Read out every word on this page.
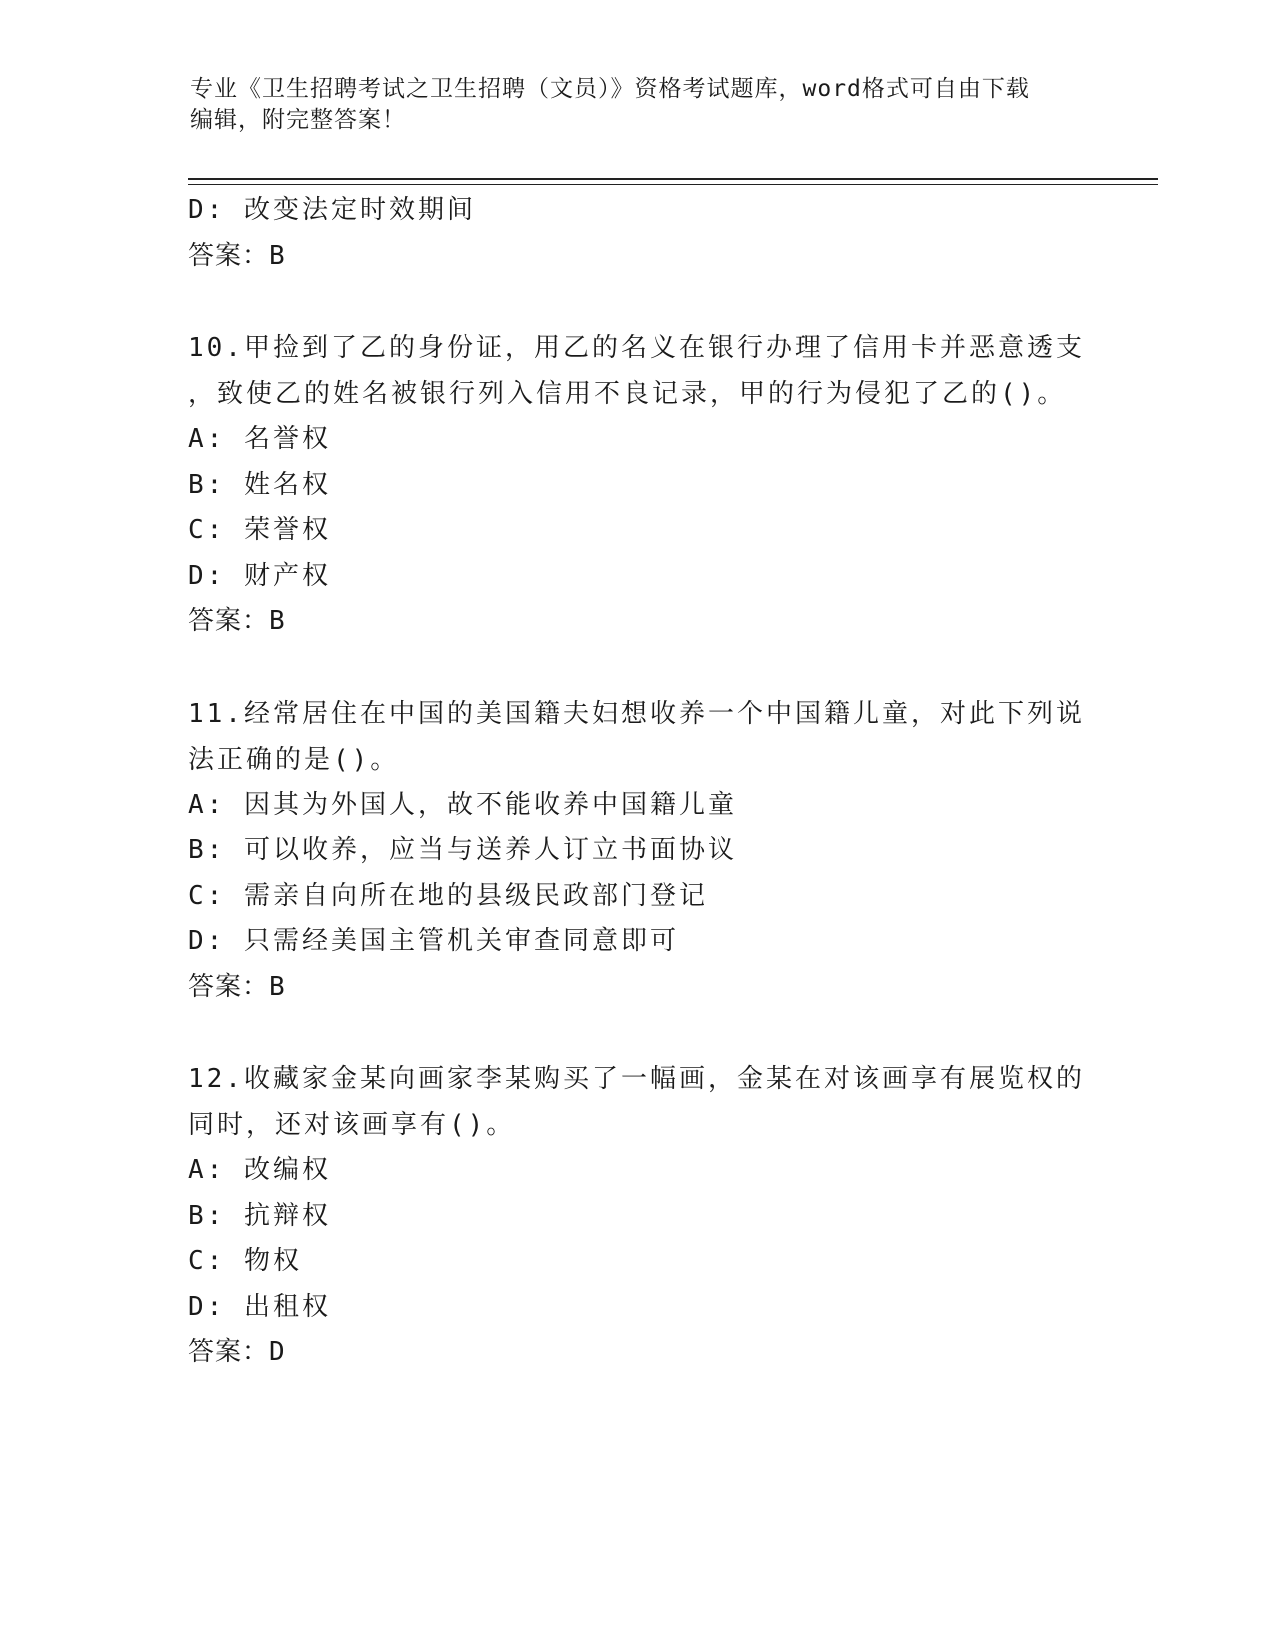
专业《卫生招聘考试之卫生招聘（文员）》资格考试题库，word格式可自由下载
编辑，附完整答案！
D: 改变法定时效期间
答案：B
10.甲捡到了乙的身份证，用乙的名义在银行办理了信用卡并恶意透支
，致使乙的姓名被银行列入信用不良记录，甲的行为侵犯了乙的()。
A: 名誉权
B: 姓名权
C: 荣誉权
D: 财产权
答案：B
11.经常居住在中国的美国籍夫妇想收养一个中国籍儿童，对此下列说
法正确的是()。
A: 因其为外国人，故不能收养中国籍儿童
B: 可以收养，应当与送养人订立书面协议
C: 需亲自向所在地的县级民政部门登记
D: 只需经美国主管机关审查同意即可
答案：B
12.收藏家金某向画家李某购买了一幅画，金某在对该画享有展览权的
同时，还对该画享有()。
A: 改编权
B: 抗辩权
C: 物权
D: 出租权
答案：D
